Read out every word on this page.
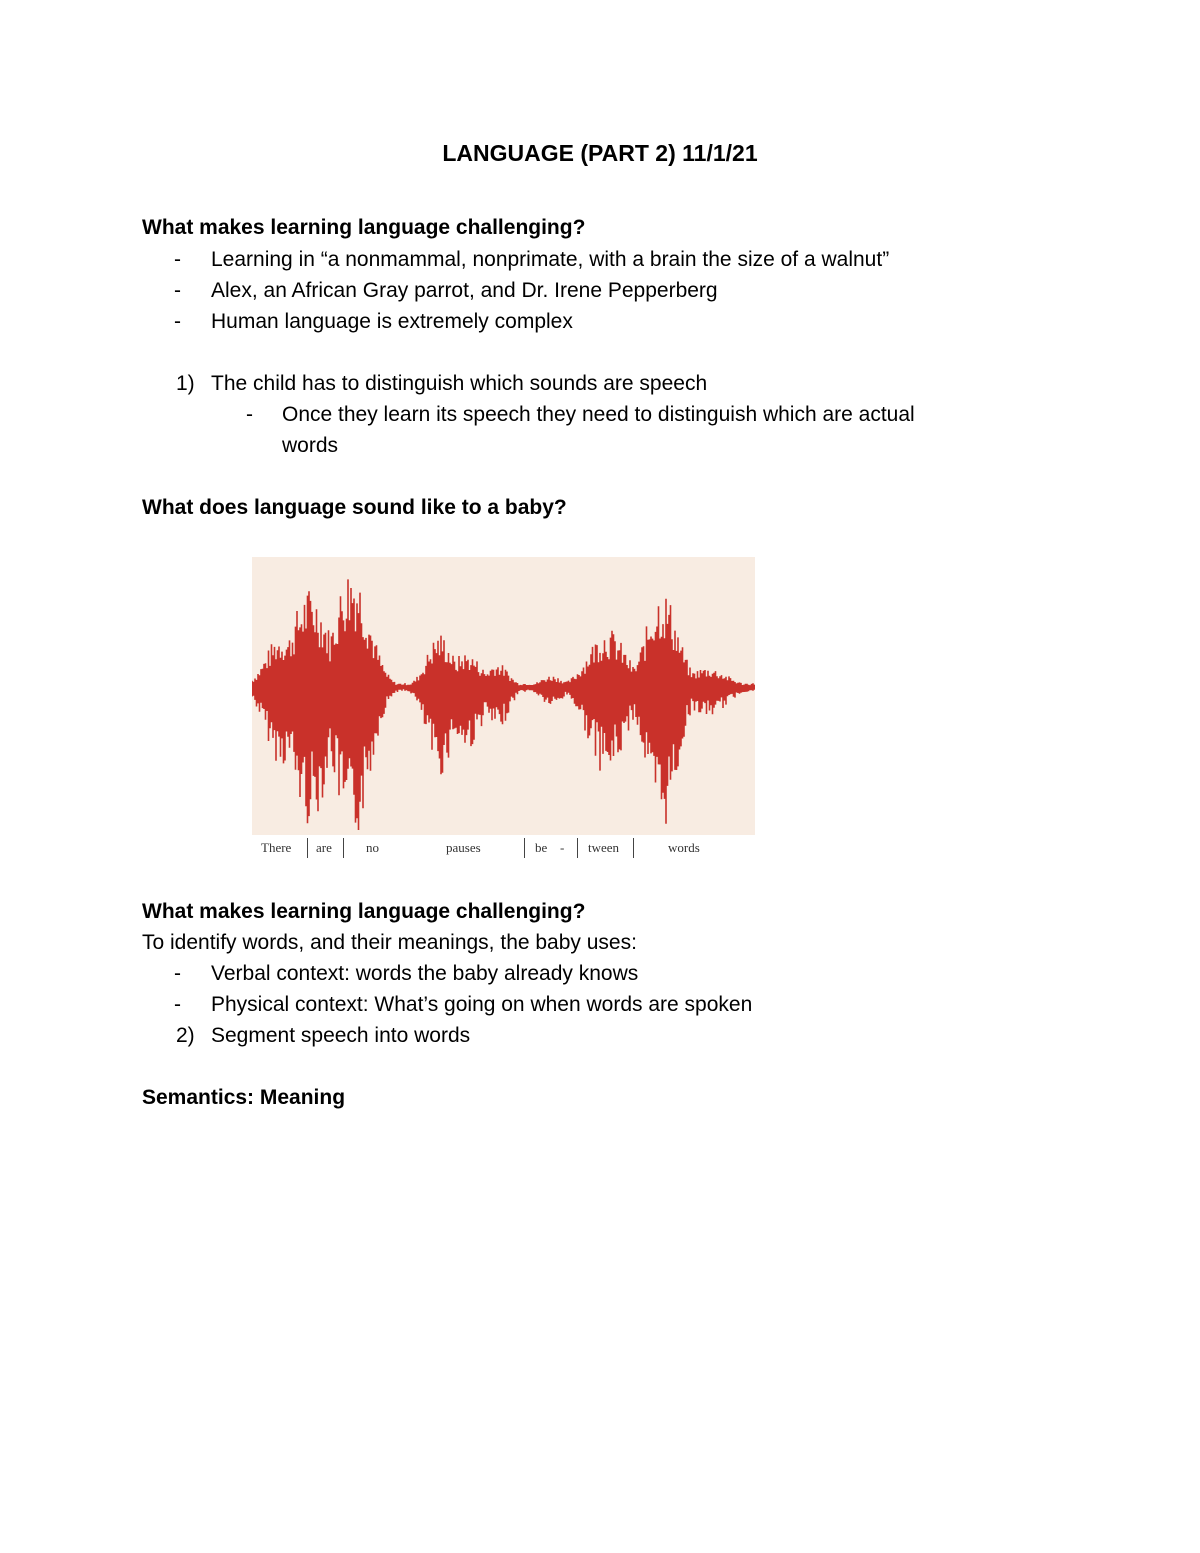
LANGUAGE (PART 2) 11/1/21
What makes learning language challenging?
- Learning in “a nonmammal, nonprimate, with a brain the size of a walnut”
- Alex, an African Gray parrot, and Dr. Irene Pepperberg
- Human language is extremely complex
1) The child has to distinguish which sounds are speech
- Once they learn its speech they need to distinguish which are actual
words
What does language sound like to a baby?
There are	no	pauses	be - tween	words
What makes learning language challenging?
To identify words, and their meanings, the baby uses:
- Verbal context: words the baby already knows
- Physical context: What’s going on when words are spoken
2) Segment speech into words
Semantics: Meaning
